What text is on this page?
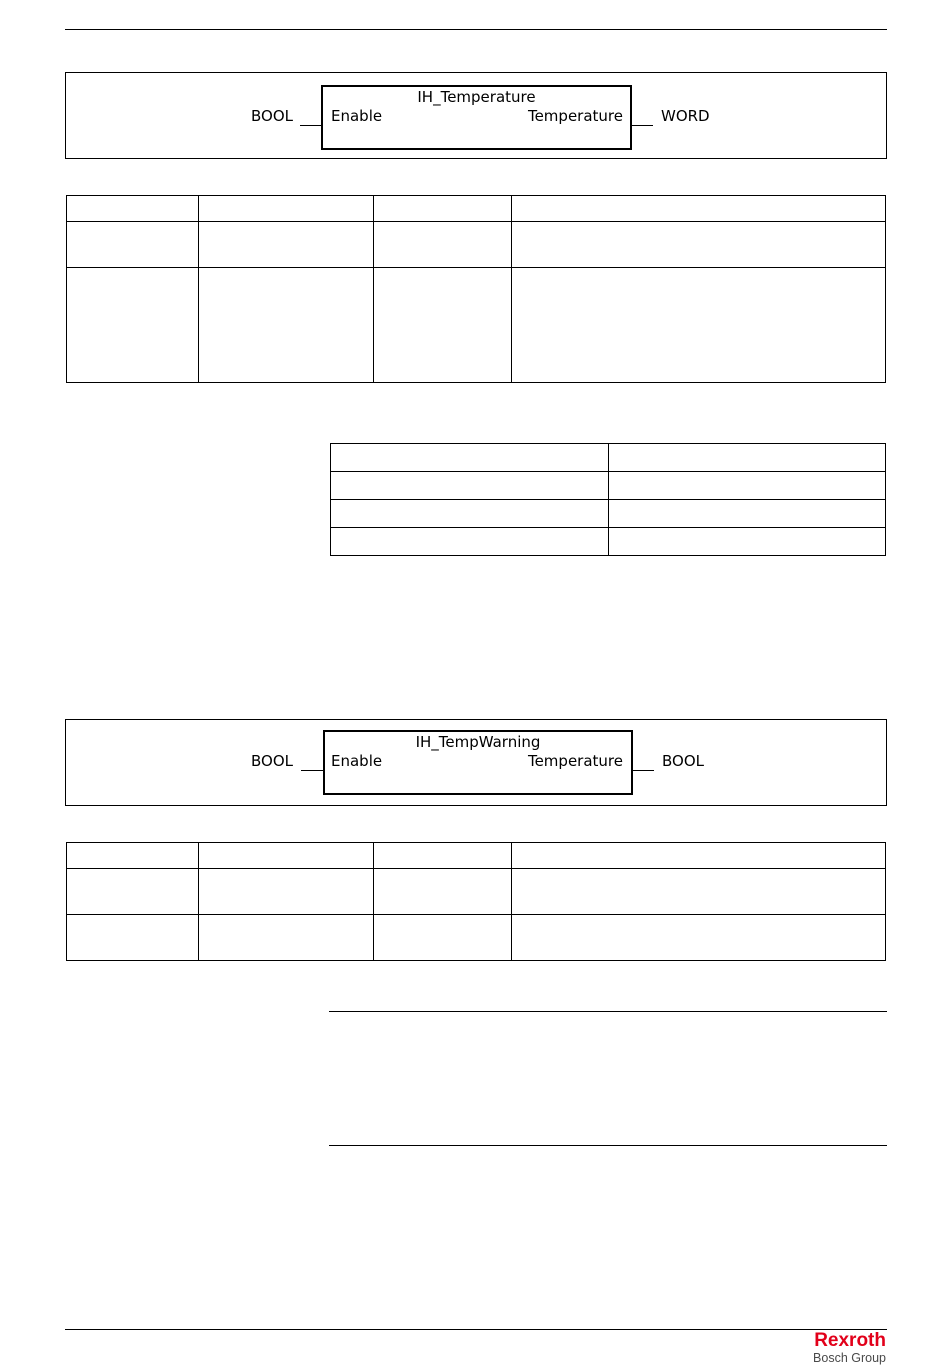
IH_Temperature
Enable	Temperature
BOOL	WORD

IH_TempWarning
Enable	Temperature
BOOL	BOOL

Rexroth
Bosch Group
